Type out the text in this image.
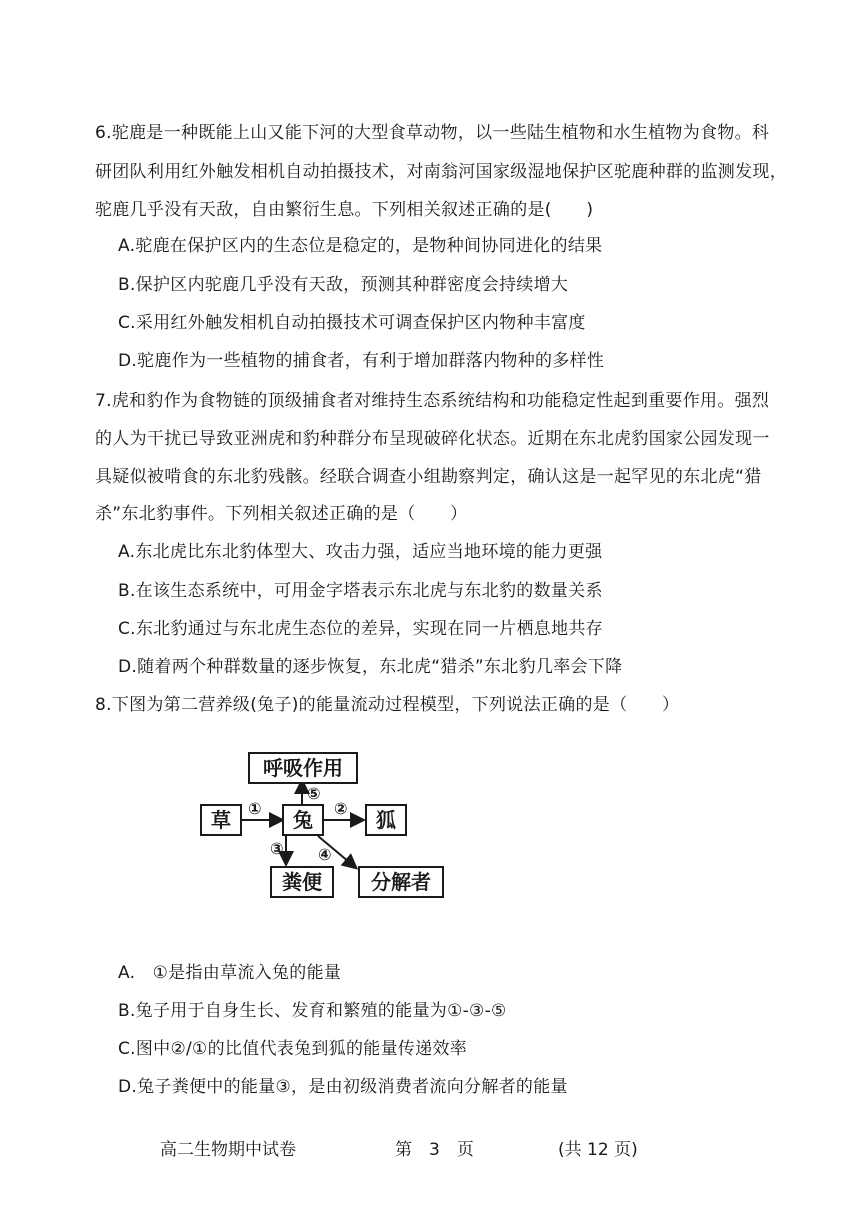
6.驼鹿是一种既能上山又能下河的大型食草动物，以一些陆生植物和水生植物为食物。科
研团队利用红外触发相机自动拍摄技术，对南翁河国家级湿地保护区驼鹿种群的监测发现，
驼鹿几乎没有天敌，自由繁衍生息。下列相关叙述正确的是(　　)
A.驼鹿在保护区内的生态位是稳定的，是物种间协同进化的结果
B.保护区内驼鹿几乎没有天敌，预测其种群密度会持续增大
C.采用红外触发相机自动拍摄技术可调查保护区内物种丰富度
D.驼鹿作为一些植物的捕食者，有利于增加群落内物种的多样性
7.虎和豹作为食物链的顶级捕食者对维持生态系统结构和功能稳定性起到重要作用。强烈
的人为干扰已导致亚洲虎和豹种群分布呈现破碎化状态。近期在东北虎豹国家公园发现一
具疑似被啃食的东北豹残骸。经联合调查小组勘察判定，确认这是一起罕见的东北虎“猎
杀”东北豹事件。下列相关叙述正确的是（　　）
A.东北虎比东北豹体型大、攻击力强，适应当地环境的能力更强
B.在该生态系统中，可用金字塔表示东北虎与东北豹的数量关系
C.东北豹通过与东北虎生态位的差异，实现在同一片栖息地共存
D.随着两个种群数量的逐步恢复，东北虎“猎杀”东北豹几率会下降
8.下图为第二营养级(兔子)的能量流动过程模型，下列说法正确的是（　　）
呼吸作用
草	兔	狐
粪便	分解者
①	②
③ ④
⑤
A.　①是指由草流入兔的能量
B.兔子用于自身生长、发育和繁殖的能量为①-③-⑤
C.图中②/①的比值代表兔到狐的能量传递效率
D.兔子粪便中的能量③，是由初级消费者流向分解者的能量
高二生物期中试卷	第　3　页	(共 12 页)
